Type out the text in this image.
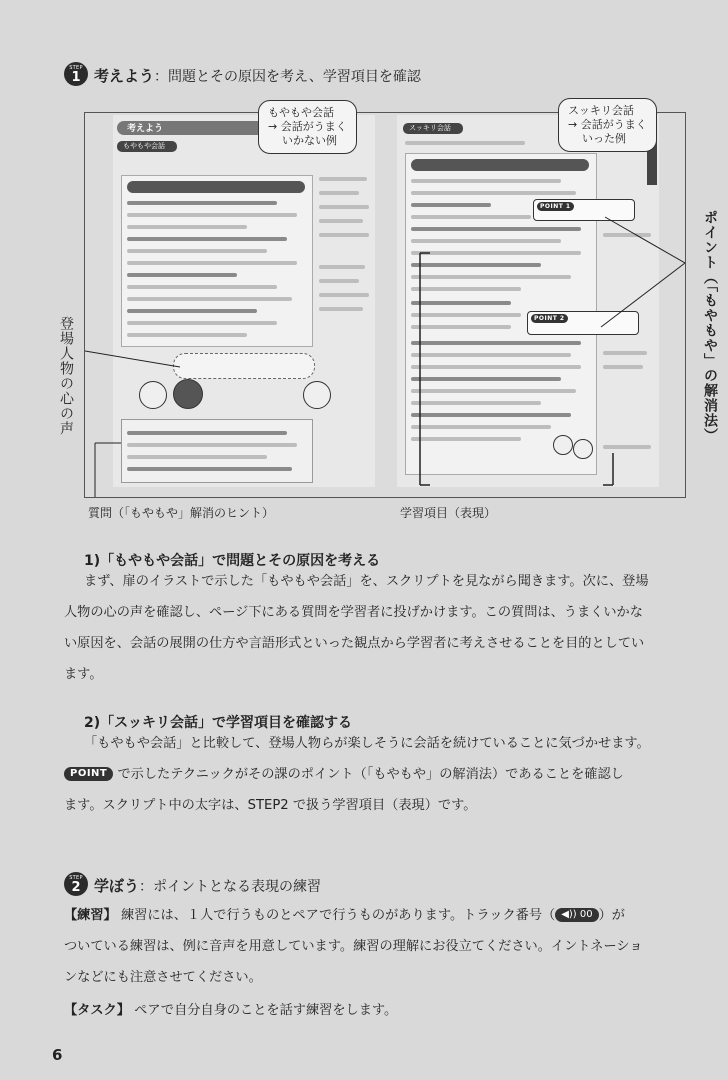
STEP
1 考えよう：問題とその原因を考え、学習項目を確認
考えよう
もやもや会話
スッキリ会話
POINT 1
POINT 2
もやもや会話
→ 会話がうまく
いかない例
スッキリ会話
→ 会話がうまく
いった例
登場人物の心の声	ポイント（「もやもや」の解消法）
質問（「もやもや」解消のヒント）	学習項目（表現）
1)「もやもや会話」で問題とその原因を考える

まず、扉のイラストで示した「もやもや会話」を、スクリプトを見ながら聞きます。次に、登場

人物の心の声を確認し、ページ下にある質問を学習者に投げかけます。この質問は、うまくいかな

い原因を、会話の展開の仕方や言語形式といった観点から学習者に考えさせることを目的としてい

ます。

2)「スッキリ会話」で学習項目を確認する

「もやもや会話」と比較して、登場人物らが楽しそうに会話を続けていることに気づかせます。

POINT で示したテクニックがその課のポイント（「もやもや」の解消法）であることを確認し

ます。スクリプト中の太字は、STEP2 で扱う学習項目（表現）です。

STEP
2 学ぼう：ポイントとなる表現の練習

【練習】 練習には、１人で行うものとペアで行うものがあります。トラック番号（ ◀)) 00 ）が

ついている練習は、例に音声を用意しています。練習の理解にお役立てください。イントネーショ

ンなどにも注意させてください。

【タスク】 ペアで自分自身のことを話す練習をします。

6
